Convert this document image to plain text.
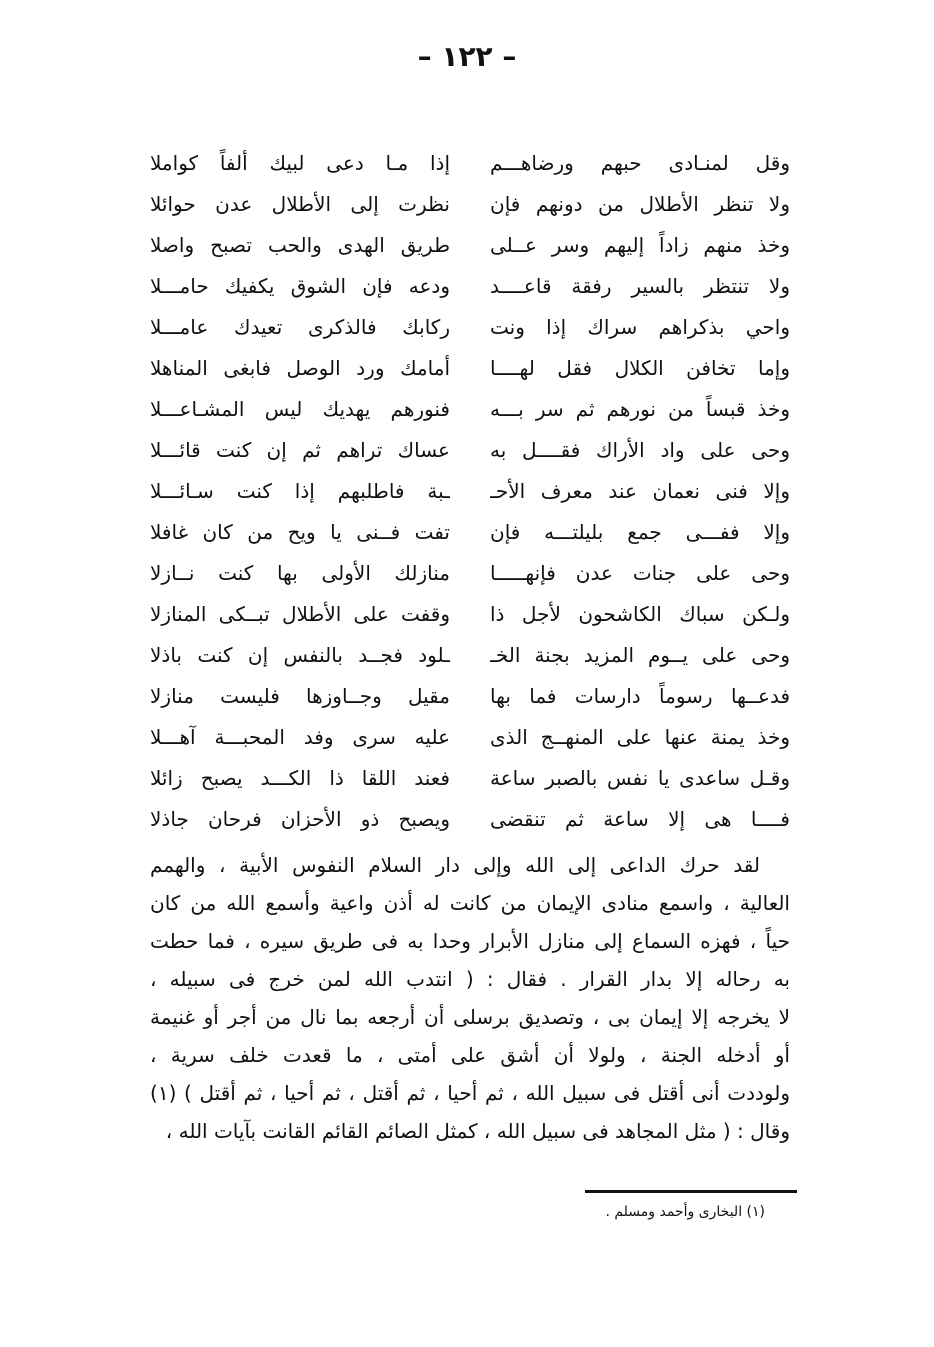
– ١٢٢ –
وقل لمنـادى حبهم ورضاهـــم
إذا مـا دعى لبيك ألفاً كواملا
ولا تنظر الأطلال من دونهم فإن
نظرت إلى الأطلال عدن حوائلا
وخذ منهم زاداً إليهم وسر عــلى
طريق الهدى والحب تصبح واصلا
ولا تنتظر بالسير رفقة قاعــــد
ودعه فإن الشوق يكفيك حامـــلا
واحي بذكراهم سراك إذا ونت
ركابك فالذكرى تعيدك عامـــلا
وإما تخافن الكلال فقل لهــــا
أمامك ورد الوصل فابغى المناهلا
وخذ قبساً من نورهم ثم سر بـــه
فنورهم يهديك ليس المشـاعـــلا
وحى على واد الأراك فقــــل به
عساك تراهم ثم إن كنت قائـــلا
وإلا فنى نعمان عند معرف الأحـ
ـبة فاطلبهم إذا كنت سـائـــلا
وإلا ففـــى جمع بليلتـــه فإن
تفت فــنى يا ويح من كان غافلا
وحى على جنات عدن فإنهـــــا
منازلك الأولى بها كنت نــازلا
ولـكن سباك الكاشحون لأجل ذا
وقفت على الأطلال تبــكى المنازلا
وحى على يــوم المزيد بجنة الخـ
ـلود فجــد بالنفس إن كنت باذلا
فدعــها رسوماً دارسات فما بها
مقيل وجــاوزها فليست منازلا
وخذ يمنة عنها على المنهــج الذى
عليه سرى وفد المحبـــة آهـــلا
وقـل ساعدى يا نفس بالصبر ساعة
فعند اللقا ذا الكـــد يصبح زائلا
فــــا هى إلا ساعة ثم تنقضى
ويصبح ذو الأحزان فرحان جاذلا
لقد حرك الداعى إلى الله وإلى دار السلام النفوس الأبية ، والهمم
العالية ، واسمع منادى الإيمان من كانت له أذن واعية وأسمع الله من كان
حياً ، فهزه السماع إلى منازل الأبرار وحدا به فى طريق سيره ، فما حطت
به رحاله إلا بدار القرار . فقال : ( انتدب الله لمن خرج فى سبيله ،
لا يخرجه إلا إيمان بى ، وتصديق برسلى أن أرجعه بما نال من أجر أو غنيمة
أو أدخله الجنة ، ولولا أن أشق على أمتى ، ما قعدت خلف سرية ،
ولوددت أنى أقتل فى سبيل الله ، ثم أحيا ، ثم أقتل ، ثم أحيا ، ثم أقتل ) (١)
وقال : ( مثل المجاهد فى سبيل الله ، كمثل الصائم القائم القانت بآيات الله ،
(١) البخارى وأحمد ومسلم .
